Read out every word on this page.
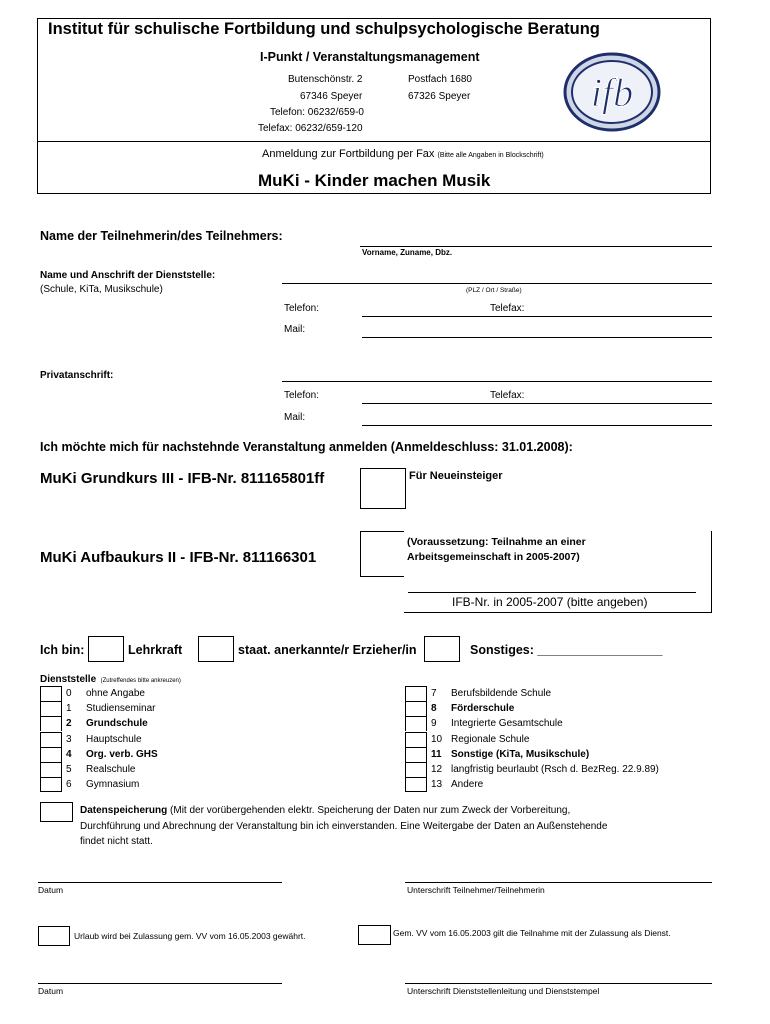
Institut für schulische Fortbildung und schulpsychologische Beratung
I-Punkt / Veranstaltungsmanagement
Butenschönstr. 2
67346 Speyer
Telefon: 06232/659-0
Telefax: 06232/659-120
Postfach 1680
67326 Speyer	ifb
Anmeldung zur Fortbildung per Fax (Bitte alle Angaben in Blockschrift)
MuKi - Kinder machen Musik
Name der Teilnehmerin/des Teilnehmers:
Vorname, Zuname, Dbz.
Name und Anschrift der Dienststelle:
(Schule, KiTa, Musikschule)	(PLZ / Ort / Straße)
Telefon:	Telefax:
Mail:
Privatanschrift:
Telefon:	Telefax:
Mail:
Ich möchte mich für nachstehnde Veranstaltung anmelden (Anmeldeschluss: 31.01.2008):
MuKi Grundkurs III - IFB-Nr. 811165801ff	Für Neueinsteiger
MuKi Aufbaukurs II - IFB-Nr. 811166301
(Voraussetzung: Teilnahme an einer
Arbeitsgemeinschaft in 2005-2007)
IFB-Nr. in 2005-2007 (bitte angeben)
Ich bin:	Lehrkraft	staat. anerkannte/r Erzieher/in	Sonstiges: __________________
Dienststelle (Zutreffendes bitte ankreuzen)
0	ohne Angabe
1	Studienseminar
2	Grundschule
3	Hauptschule
4	Org. verb. GHS
5	Realschule
6	Gymnasium
7	Berufsbildende Schule
8	Förderschule
9	Integrierte Gesamtschule
10 Regionale Schule
11 Sonstige (KiTa, Musikschule)
12 langfristig beurlaubt (Rsch d. BezReg. 22.9.89)
13 Andere
Datenspeicherung (Mit der vorübergehenden elektr. Speicherung der Daten nur zum Zweck der Vorbereitung,
Durchführung und Abrechnung der Veranstaltung bin ich einverstanden. Eine Weitergabe der Daten an Außenstehende
findet nicht statt.
Datum	Unterschrift Teilnehmer/Teilnehmerin
Urlaub wird bei Zulassung gem. VV vom 16.05.2003 gewährt.	Gem. VV vom 16.05.2003 gilt die Teilnahme mit der Zulassung als Dienst.
Datum	Unterschrift Dienststellenleitung und Dienststempel
